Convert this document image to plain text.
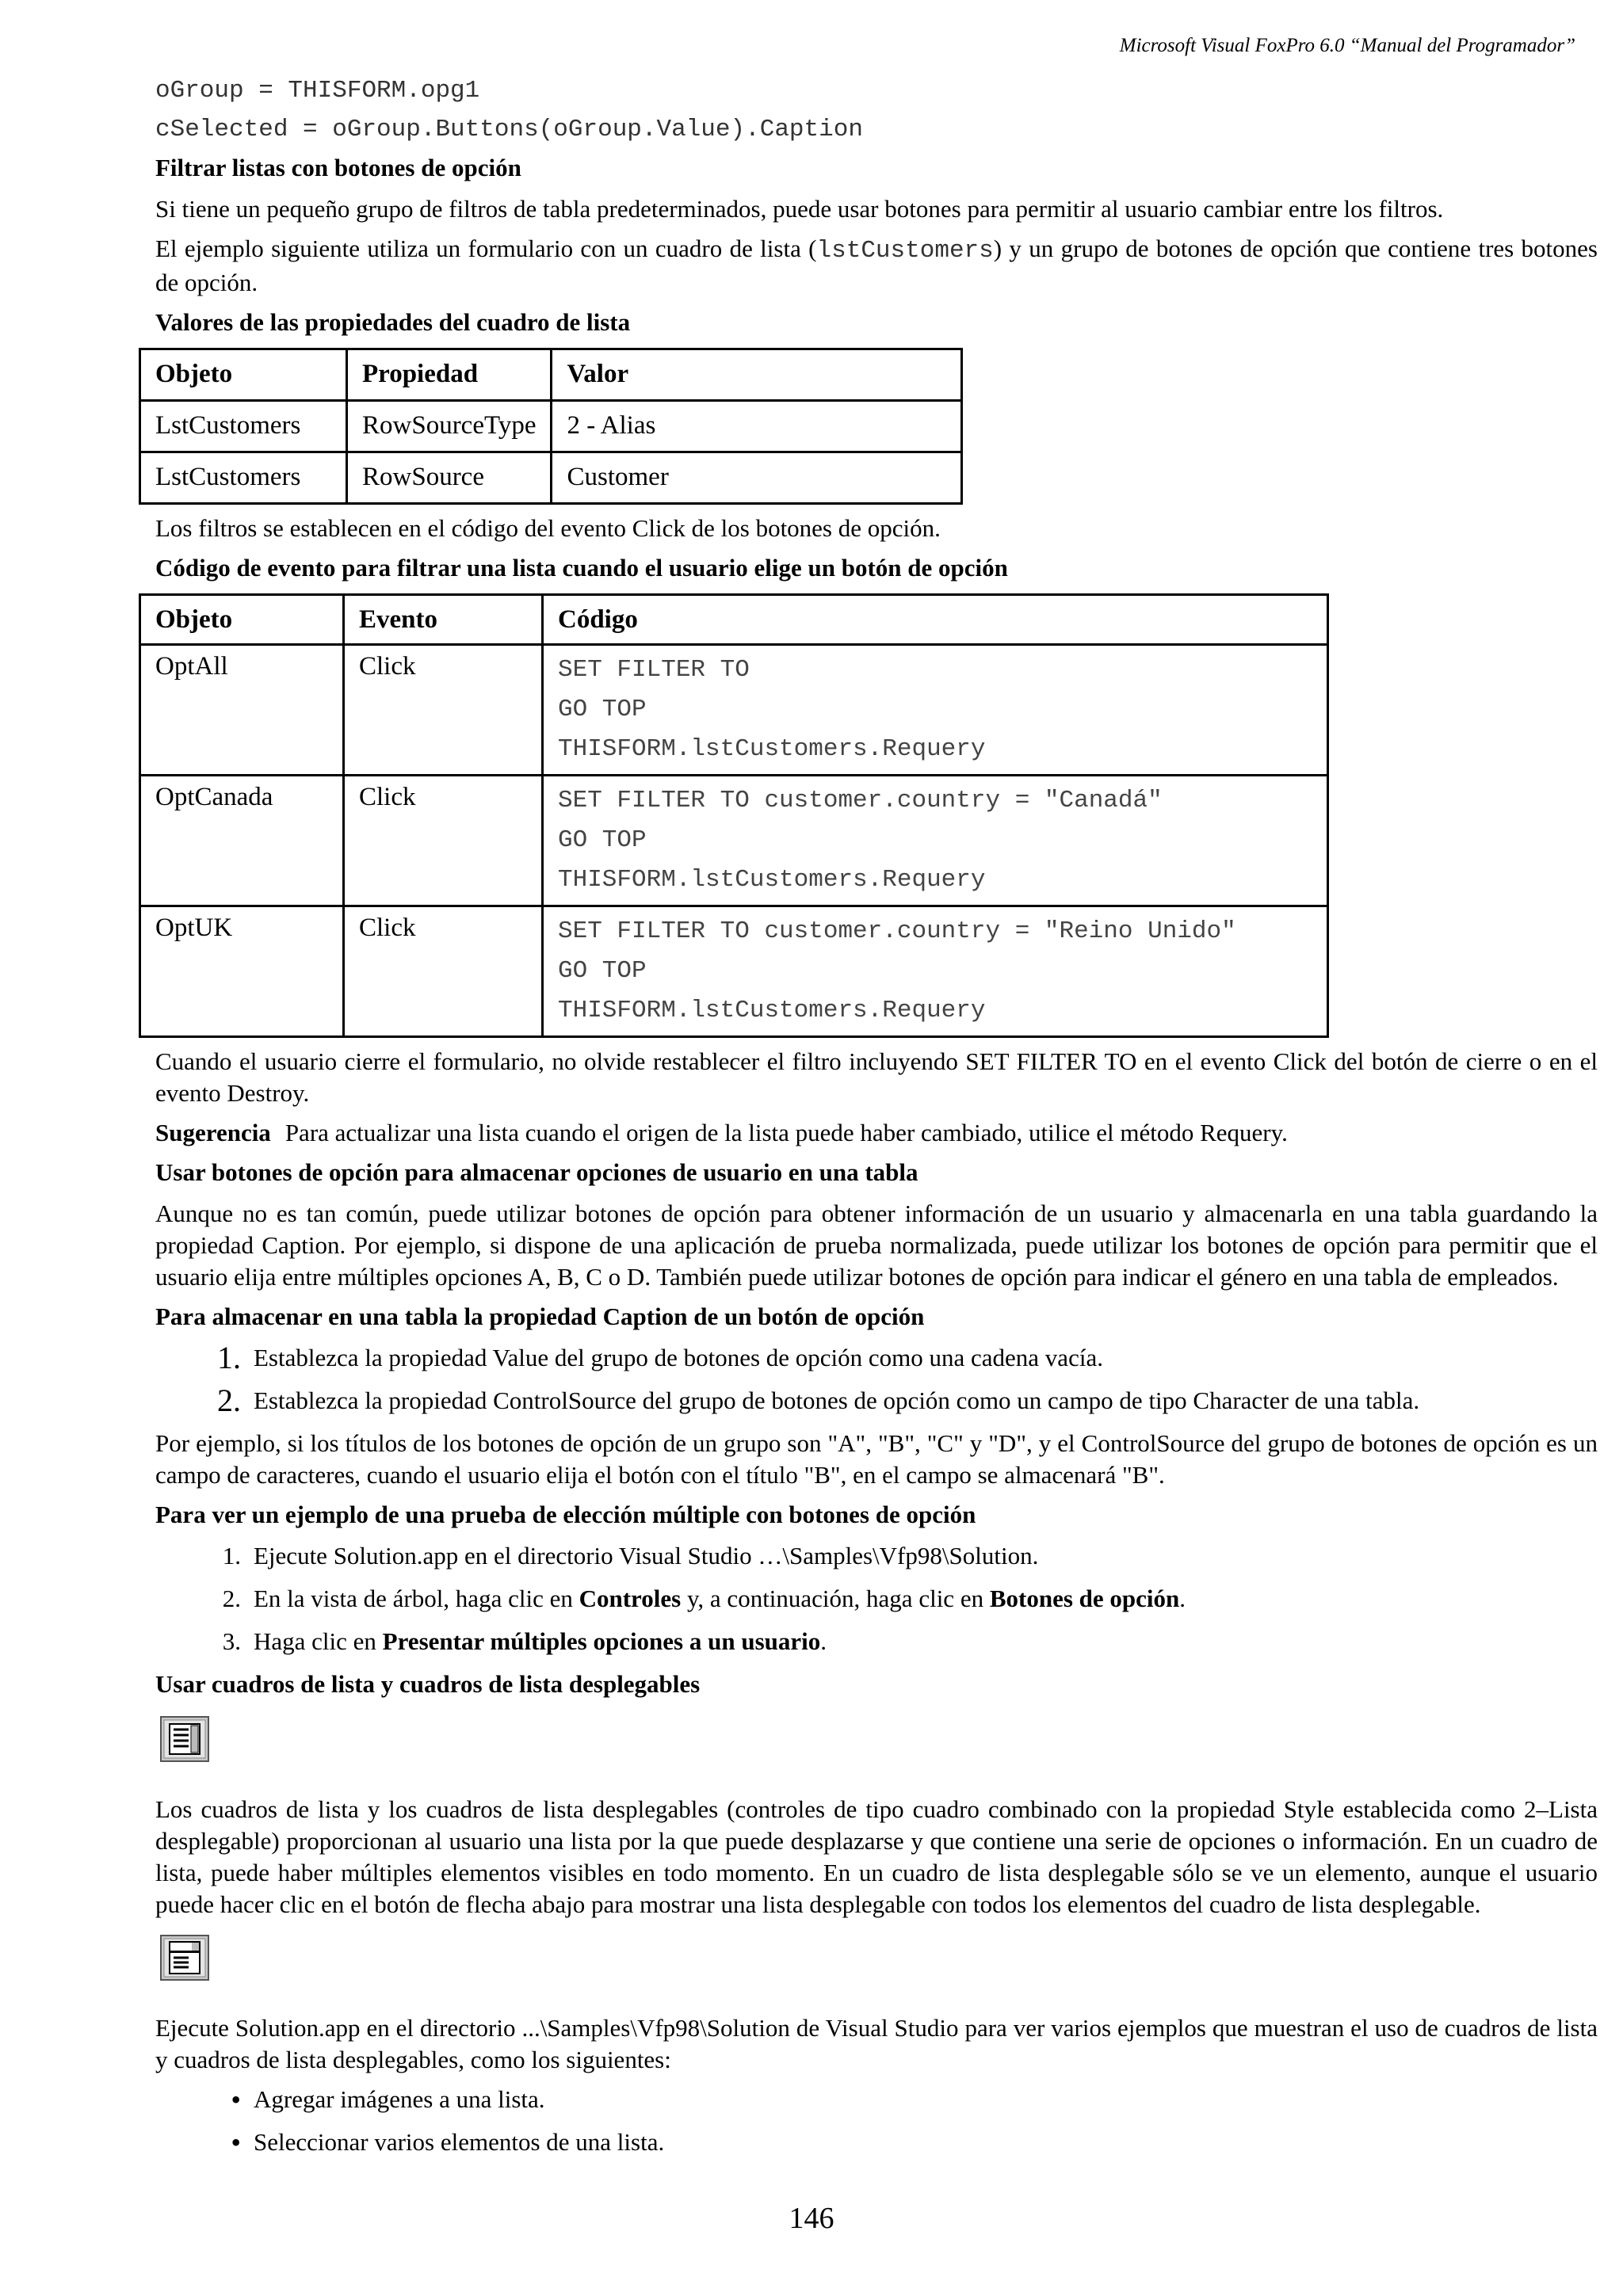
Microsoft Visual FoxPro 6.0 “Manual del Programador”
oGroup = THISFORM.opg1
cSelected = oGroup.Buttons(oGroup.Value).Caption
Filtrar listas con botones de opción

Si tiene un pequeño grupo de filtros de tabla predeterminados, puede usar botones para permitir al usuario cambiar entre los filtros.

El ejemplo siguiente utiliza un formulario con un cuadro de lista (lstCustomers) y un grupo de botones de opción que contiene tres botones de opción.

Valores de las propiedades del cuadro de lista
Objeto	Propiedad	Valor
LstCustomers	RowSourceType	2 - Alias
LstCustomers	RowSource	Customer

Los filtros se establecen en el código del evento Click de los botones de opción.

Código de evento para filtrar una lista cuando el usuario elige un botón de opción
Objeto	Evento	Código
OptAll	Click	SET FILTER TO
GO TOP
THISFORM.lstCustomers.Requery

OptCanada	Click	SET FILTER TO customer.country = "Canadá"
GO TOP
THISFORM.lstCustomers.Requery

OptUK	Click	SET FILTER TO customer.country = "Reino Unido"
GO TOP
THISFORM.lstCustomers.Requery

Cuando el usuario cierre el formulario, no olvide restablecer el filtro incluyendo SET FILTER TO en el evento Click del botón de cierre o en el evento Destroy.

Sugerencia Para actualizar una lista cuando el origen de la lista puede haber cambiado, utilice el método Requery.

Usar botones de opción para almacenar opciones de usuario en una tabla

Aunque no es tan común, puede utilizar botones de opción para obtener información de un usuario y almacenarla en una tabla guardando la propiedad Caption. Por ejemplo, si dispone de una aplicación de prueba normalizada, puede utilizar los botones de opción para permitir que el usuario elija entre múltiples opciones A, B, C o D. También puede utilizar botones de opción para indicar el género en una tabla de empleados.

Para almacenar en una tabla la propiedad Caption de un botón de opción
1. Establezca la propiedad Value del grupo de botones de opción como una cadena vacía.
2. Establezca la propiedad ControlSource del grupo de botones de opción como un campo de tipo Character de una tabla.

Por ejemplo, si los títulos de los botones de opción de un grupo son "A", "B", "C" y "D", y el ControlSource del grupo de botones de opción es un campo de caracteres, cuando el usuario elija el botón con el título "B", en el campo se almacenará "B".

Para ver un ejemplo de una prueba de elección múltiple con botones de opción
1. Ejecute Solution.app en el directorio Visual Studio …\Samples\Vfp98\Solution.
2. En la vista de árbol, haga clic en Controles y, a continuación, haga clic en Botones de opción.
3. Haga clic en Presentar múltiples opciones a un usuario.
Usar cuadros de lista y cuadros de lista desplegables

Los cuadros de lista y los cuadros de lista desplegables (controles de tipo cuadro combinado con la propiedad Style establecida como 2–Lista desplegable) proporcionan al usuario una lista por la que puede desplazarse y que contiene una serie de opciones o información. En un cuadro de lista, puede haber múltiples elementos visibles en todo momento. En un cuadro de lista desplegable sólo se ve un elemento, aunque el usuario puede hacer clic en el botón de flecha abajo para mostrar una lista desplegable con todos los elementos del cuadro de lista desplegable.

Ejecute Solution.app en el directorio ...\Samples\Vfp98\Solution de Visual Studio para ver varios ejemplos que muestran el uso de cuadros de lista y cuadros de lista desplegables, como los siguientes:

• Agregar imágenes a una lista.
• Seleccionar varios elementos de una lista.
146
